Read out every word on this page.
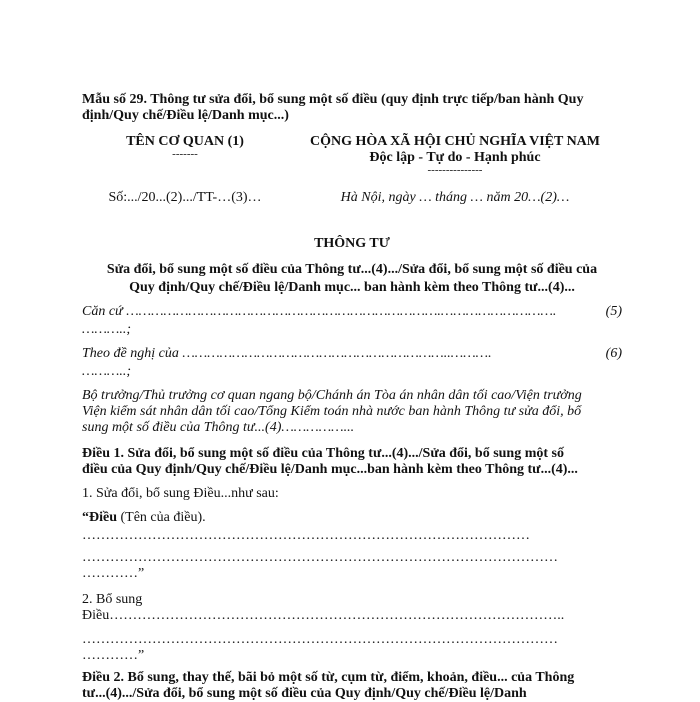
Mẫu số 29. Thông tư sửa đổi, bổ sung một số điều (quy định trực tiếp/ban hành Quy
định/Quy chế/Điều lệ/Danh mục...)
TÊN CƠ QUAN (1)
-------
Số:.../20...(2).../TT-…(3)…
CỘNG HÒA XÃ HỘI CHỦ NGHĨA VIỆT NAM
Độc lập - Tự do - Hạnh phúc
---------------
Hà Nội, ngày … tháng … năm 20…(2)…
THÔNG TƯ
Sửa đổi, bổ sung một số điều của Thông tư...(4).../Sửa đổi, bổ sung một số điều của
Quy định/Quy chế/Điều lệ/Danh mục... ban hành kèm theo Thông tư...(4)...
Căn cứ ………………………………………………………………….……………………….	(5)
………..;
Theo đề nghị của ………………………………………………………..……….	(6)
………..;
Bộ trưởng/Thủ trưởng cơ quan ngang bộ/Chánh án Tòa án nhân dân tối cao/Viện trưởng
Viện kiểm sát nhân dân tối cao/Tổng Kiểm toán nhà nước ban hành Thông tư sửa đổi, bổ
sung một số điều của Thông tư...(4)……………...
Điều 1. Sửa đổi, bổ sung một số điều của Thông tư...(4).../Sửa đổi, bổ sung một số
điều của Quy định/Quy chế/Điều lệ/Danh mục...ban hành kèm theo Thông tư...(4)...
1. Sửa đổi, bổ sung Điều...như sau:
“Điều (Tên của điều).
……………………………………………………………………………………
…………………………………………………………………………………………
…………”
2. Bổ sung
Điều……………………………………………………………………………………..
…………………………………………………………………………………………
…………”
Điều 2. Bổ sung, thay thế, bãi bỏ một số từ, cụm từ, điểm, khoản, điều... của Thông
tư...(4).../Sửa đổi, bổ sung một số điều của Quy định/Quy chế/Điều lệ/Danh
